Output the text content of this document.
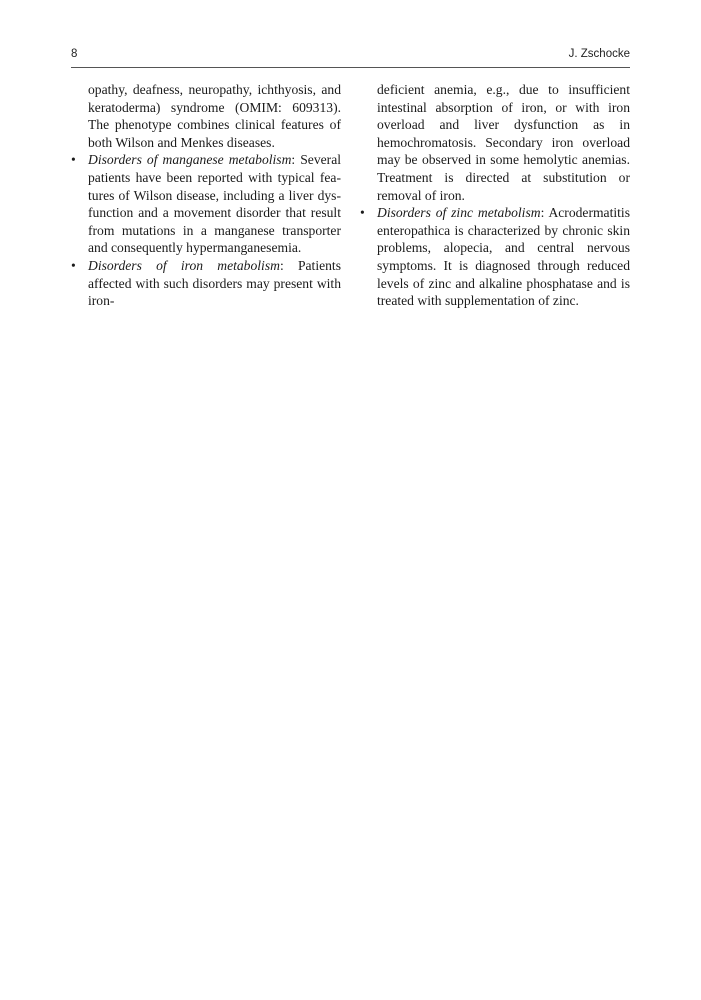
8	J. Zschocke

opathy, deafness, neuropathy, ichthyosis, and keratoderma) syndrome (OMIM: 609313). The phenotype combines clinical features of both Wilson and Menkes diseases.

• Disorders of manganese metabolism: Several patients have been reported with typical features of Wilson disease, including a liver dysfunction and a movement disorder that result from mutations in a manganese transporter and consequently hypermanganesemia.
• Disorders of iron metabolism: Patients affected with such disorders may present with iron-

deficient anemia, e.g., due to insufficient intestinal absorption of iron, or with iron overload and liver dysfunction as in hemochromatosis. Secondary iron overload may be observed in some hemolytic anemias. Treatment is directed at substitution or removal of iron.

• Disorders of zinc metabolism: Acrodermatitis enteropathica is characterized by chronic skin problems, alopecia, and central nervous symptoms. It is diagnosed through reduced levels of zinc and alkaline phosphatase and is treated with supplementation of zinc.
